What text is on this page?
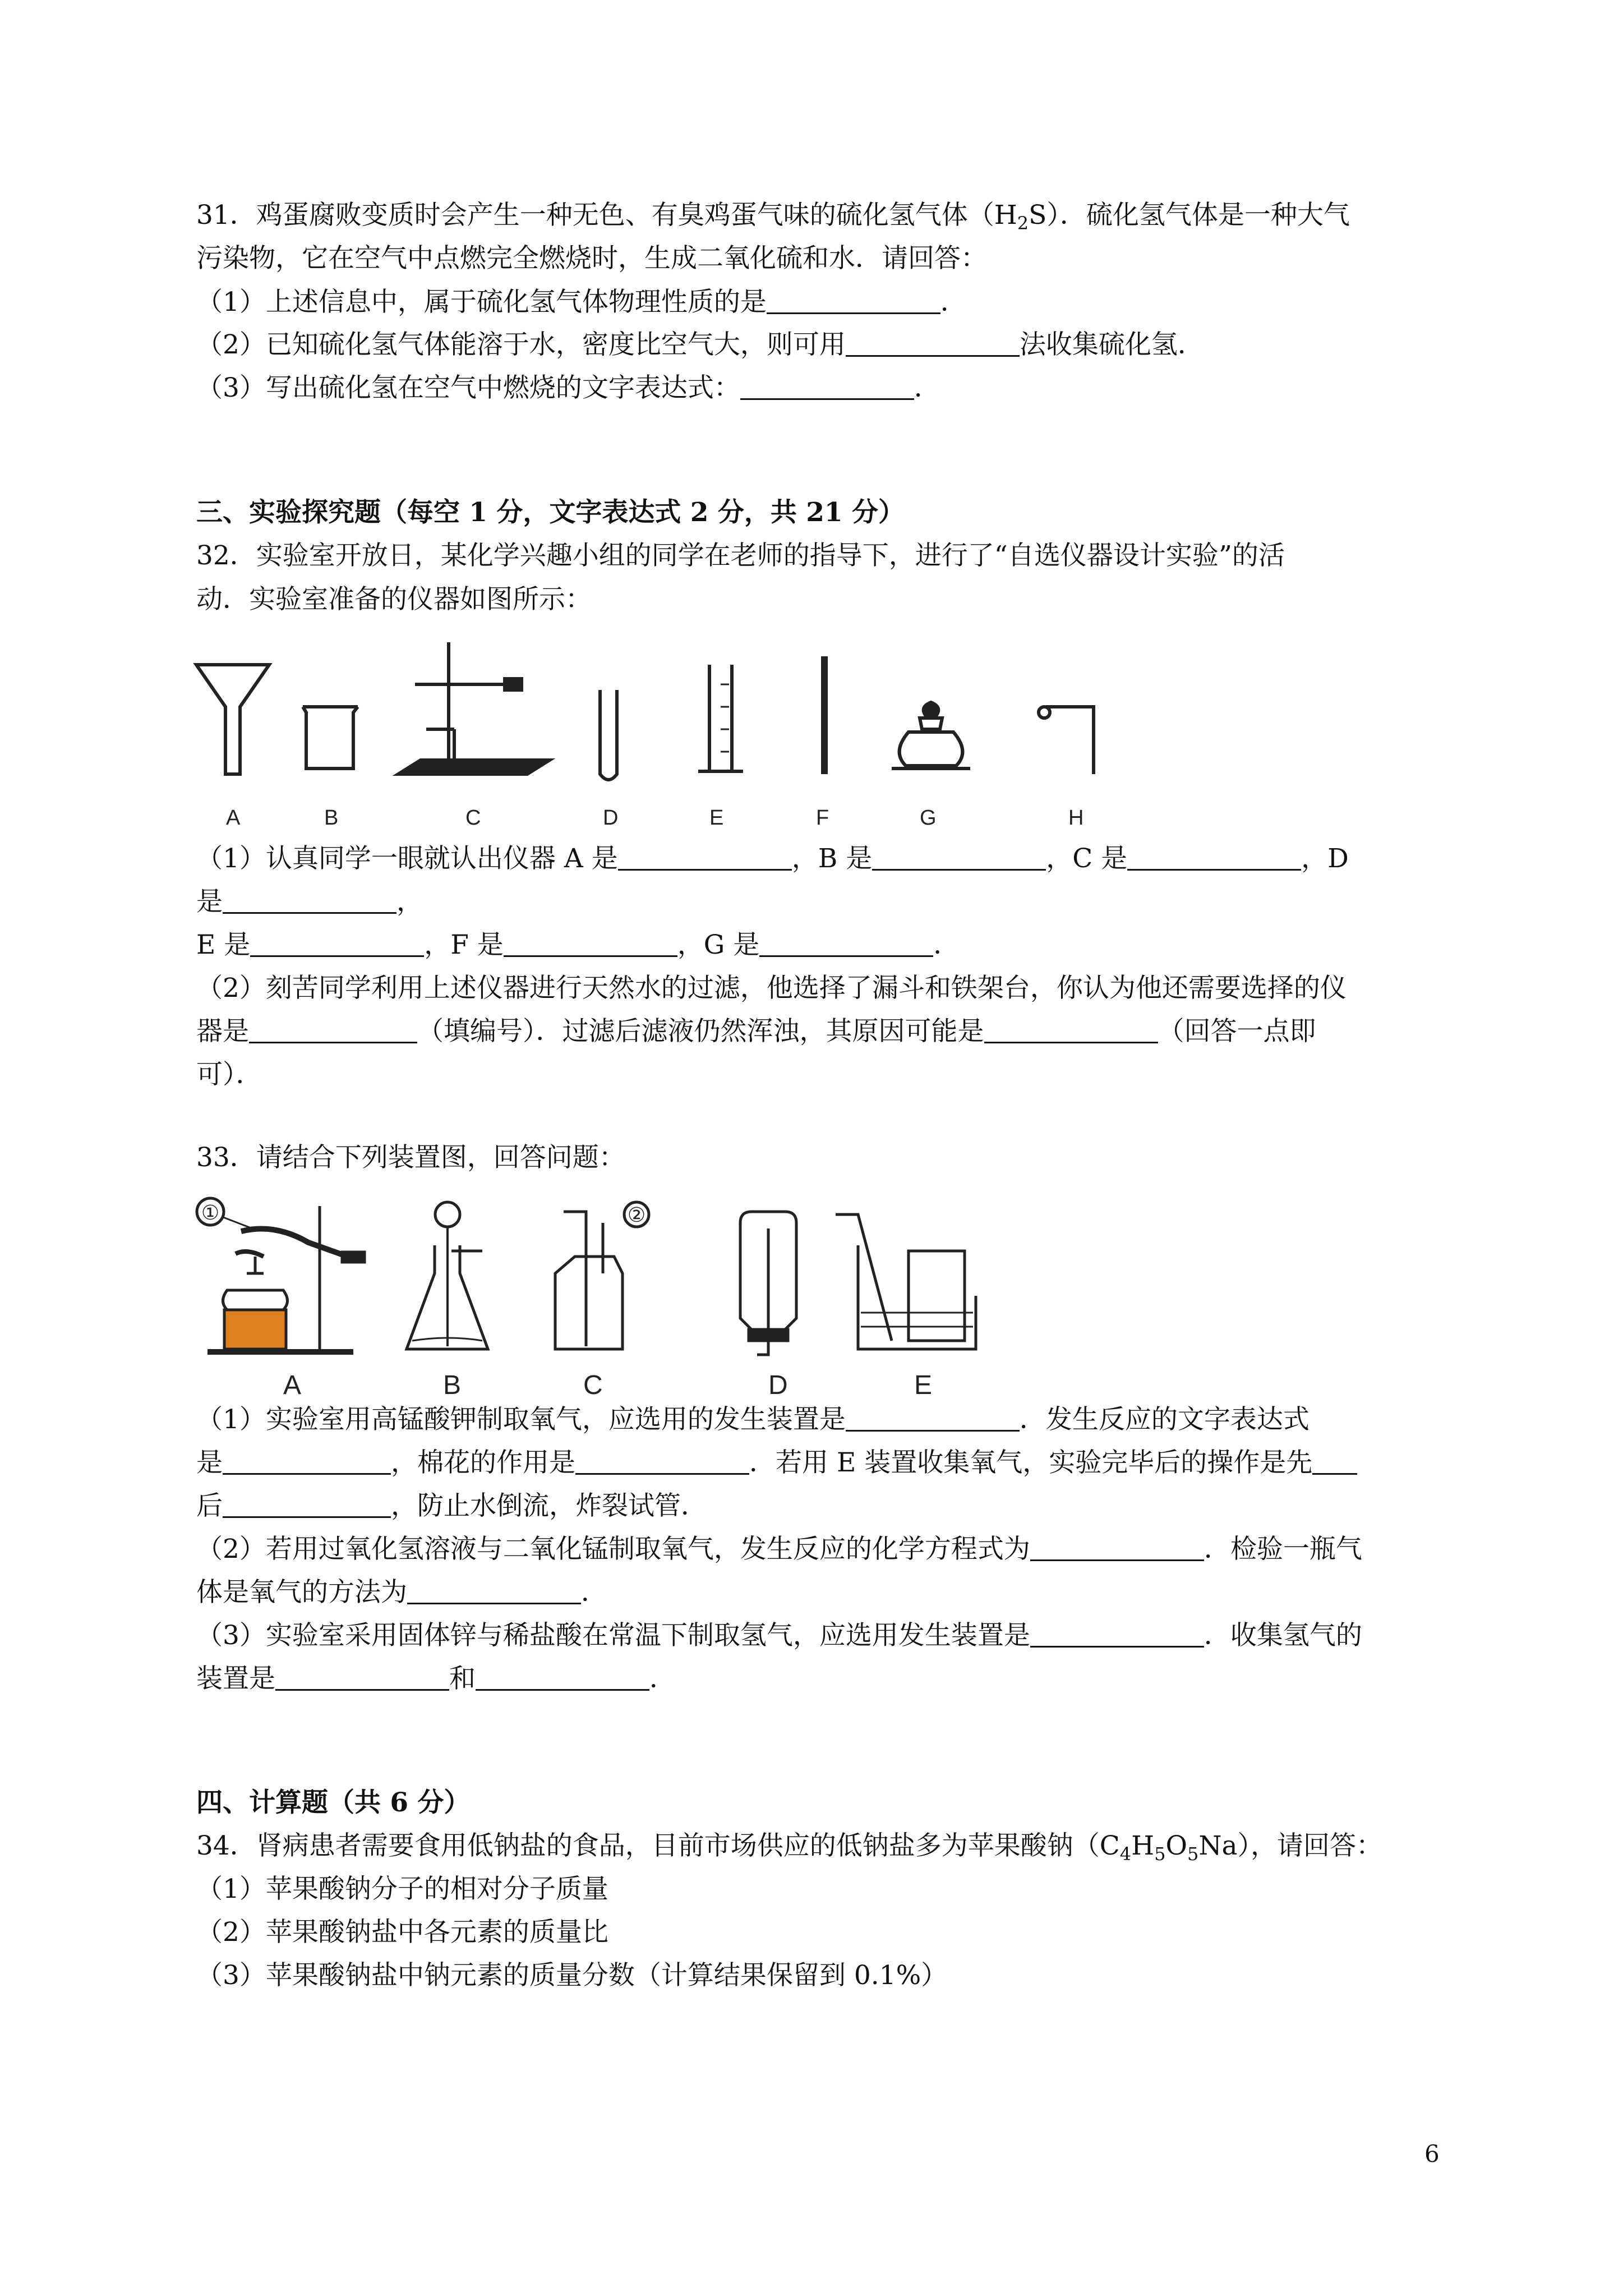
31．鸡蛋腐败变质时会产生一种无色、有臭鸡蛋气味的硫化氢气体$(H_2S)$．硫化氢气体是一种大气
污染物，它在空气中点燃完全燃烧时，生成二氧化硫和水．请回答：
（1）上述信息中，属于硫化氢气体物理性质的是	．
（2）已知硫化氢气体能溶于水，密度比空气大，则可用	法收集硫化氢．
（3）写出硫化氢在空气中燃烧的文字表达式：	．
三、实验探究题（每空 1 分，文字表达式 2 分，共 21 分）
32．实验室开放日，某化学兴趣小组的同学在老师的指导下，进行了“自选仪器设计实验”的活
动．实验室准备的仪器如图所示：
A	B	C	D	E	F	G	H
（1）认真同学一眼就认出仪器 A 是	，B 是	，C 是	，D
是	，
E 是	，F 是	，G 是	．
（2）刻苦同学利用上述仪器进行天然水的过滤，他选择了漏斗和铁架台，你认为他还需要选择的仪
器是	（填编号）．过滤后滤液仍然浑浊，其原因可能是	（回答一点即
可）．
33．请结合下列装置图，回答问题：
①	②
A	B	C	D	E
（1）实验室用高锰酸钾制取氧气，应选用的发生装置是	．发生反应的文字表达式
是	，棉花的作用是	．若用 E 装置收集氧气，实验完毕后的操作是先
后	，防止水倒流，炸裂试管．
（2）若用过氧化氢溶液与二氧化锰制取氧气，发生反应的化学方程式为	．检验一瓶气
体是氧气的方法为	．
（3）实验室采用固体锌与稀盐酸在常温下制取氢气，应选用发生装置是	．收集氢气的
装置是	和	．
四、计算题（共 6 分）
34．肾病患者需要食用低钠盐的食品，目前市场供应的低钠盐多为苹果酸钠$(C_4H_5O_5Na)$，请回答：
（1）苹果酸钠分子的相对分子质量
（2）苹果酸钠盐中各元素的质量比
（3）苹果酸钠盐中钠元素的质量分数（计算结果保留到 0.1%）
6
